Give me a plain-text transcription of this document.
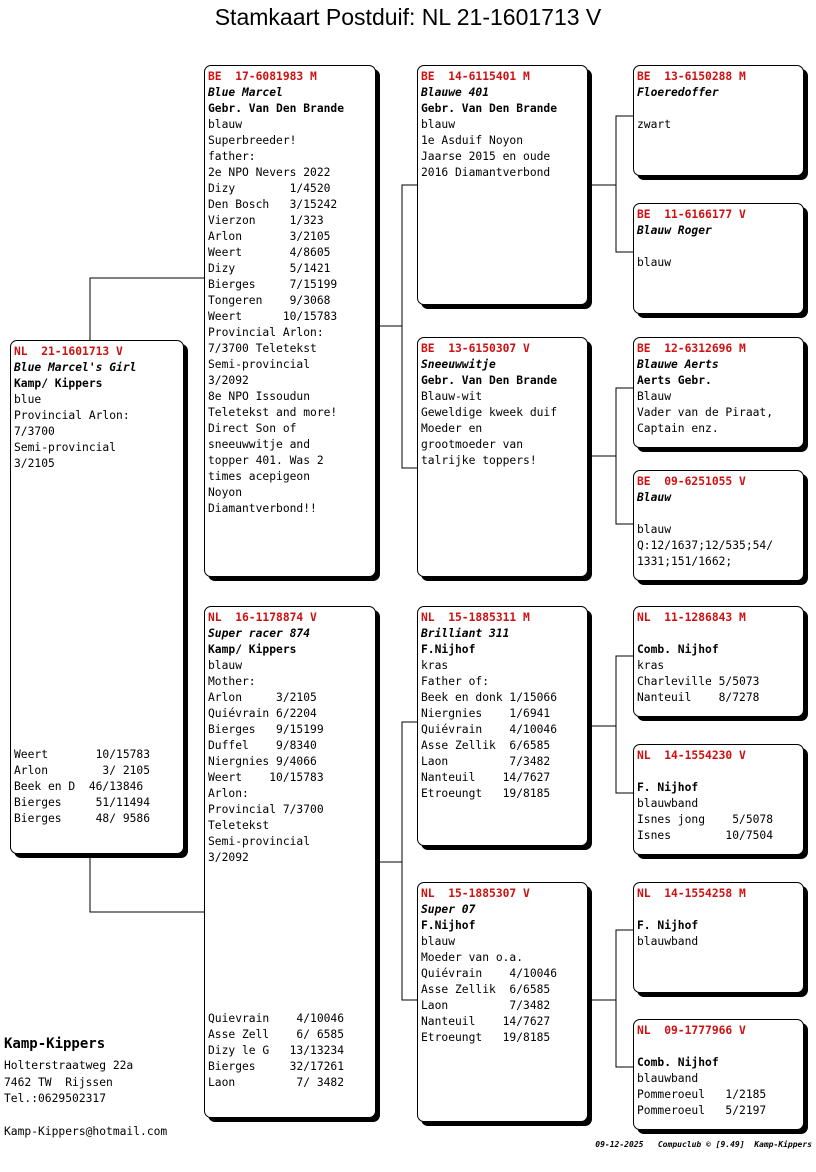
Stamkaart Postduif: NL 21-1601713 V
NL  21-1601713 V
Blue Marcel's Girl
Kamp/ Kippers
blue
Provincial Arlon:
7/3700
Semi-provincial
3/2105
Weert       10/15783
Arlon        3/ 2105
Beek en D  46/13846
Bierges     51/11494
Bierges     48/ 9586
BE  17-6081983 M
Blue Marcel
Gebr. Van Den Brande
blauw
Superbreeder!
father:
2e NPO Nevers 2022
Dizy        1/4520
Den Bosch   3/15242
Vierzon     1/323
Arlon       3/2105
Weert       4/8605
Dizy        5/1421
Bierges     7/15199
Tongeren    9/3068
Weert      10/15783
Provincial Arlon:
7/3700 Teletekst
Semi-provincial
3/2092
8e NPO Issoudun
Teletekst and more!
Direct Son of
sneeuwwitje and
topper 401. Was 2
times acepigeon
Noyon
Diamantverbond!!
NL  16-1178874 V
Super racer 874
Kamp/ Kippers
blauw
Mother:
Arlon     3/2105
Quiévrain 6/2204
Bierges   9/15199
Duffel    9/8340
Niergnies 9/4066
Weert    10/15783
Arlon:
Provincial 7/3700
Teletekst
Semi-provincial
3/2092
Quievrain    4/10046
Asse Zell    6/ 6585
Dizy le G   13/13234
Bierges     32/17261
Laon         7/ 3482
BE  14-6115401 M
Blauwe 401
Gebr. Van Den Brande
blauw
1e Asduif Noyon
Jaarse 2015 en oude
2016 Diamantverbond
BE  13-6150307 V
Sneeuwwitje
Gebr. Van Den Brande
Blauw-wit
Geweldige kweek duif
Moeder en
grootmoeder van
talrijke toppers!
NL  15-1885311 M
Brilliant 311
F.Nijhof
kras
Father of:
Beek en donk 1/15066
Niergnies    1/6941
Quiévrain    4/10046
Asse Zellik  6/6585
Laon         7/3482
Nanteuil    14/7627
Etroeungt   19/8185
NL  15-1885307 V
Super 07
F.Nijhof
blauw
Moeder van o.a.
Quiévrain    4/10046
Asse Zellik  6/6585
Laon         7/3482
Nanteuil    14/7627
Etroeungt   19/8185
BE  13-6150288 M
Floeredoffer
zwart
BE  11-6166177 V
Blauw Roger
blauw
BE  12-6312696 M
Blauwe Aerts
Aerts Gebr.
Blauw
Vader van de Piraat,
Captain enz.
BE  09-6251055 V
Blauw
blauw
Q:12/1637;12/535;54/
1331;151/1662;
NL  11-1286843 M
Comb. Nijhof
kras
Charleville 5/5073
Nanteuil    8/7278
NL  14-1554230 V
F. Nijhof
blauwband
Isnes jong    5/5078
Isnes        10/7504
NL  14-1554258 M
F. Nijhof
blauwband
NL  09-1777966 V
Comb. Nijhof
blauwband
Pommeroeul   1/2185
Pommeroeul   5/2197
Kamp-Kippers
Holterstraatweg 22a
7462 TW  Rijssen
Tel.:0629502317
Kamp-Kippers@hotmail.com
09-12-2025   Compuclub © [9.49]  Kamp-Kippers
